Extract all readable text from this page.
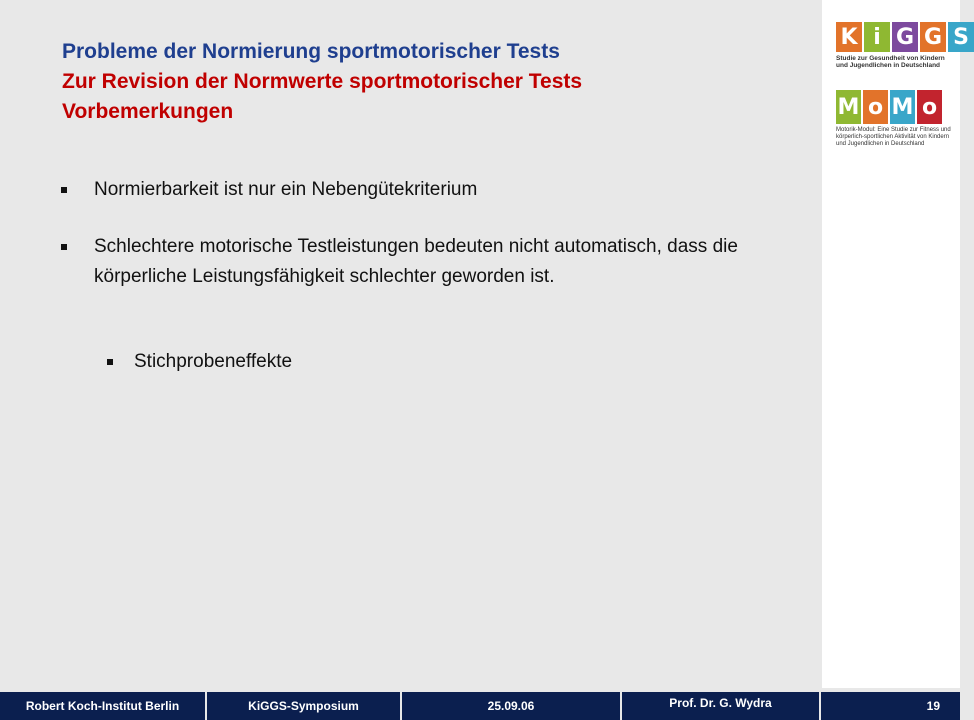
Probleme der Normierung sportmotorischer Tests
Zur Revision der Normwerte sportmotorischer Tests
Vorbemerkungen
Normierbarkeit ist nur ein Nebengütekriterium
Schlechtere motorische Testleistungen bedeuten nicht automatisch, dass die körperliche Leistungsfähigkeit schlechter geworden ist.
Stichprobeneffekte
K i G G S
Studie zur Gesundheit von Kindern und Jugendlichen in Deutschland
M o M o
Motorik-Modul: Eine Studie zur Fitness und körperlich-sportlichen Aktivität von Kindern und Jugendlichen in Deutschland
Robert Koch-Institut Berlin	KiGGS-Symposium	25.09.06	Prof. Dr. G. Wydra	19
